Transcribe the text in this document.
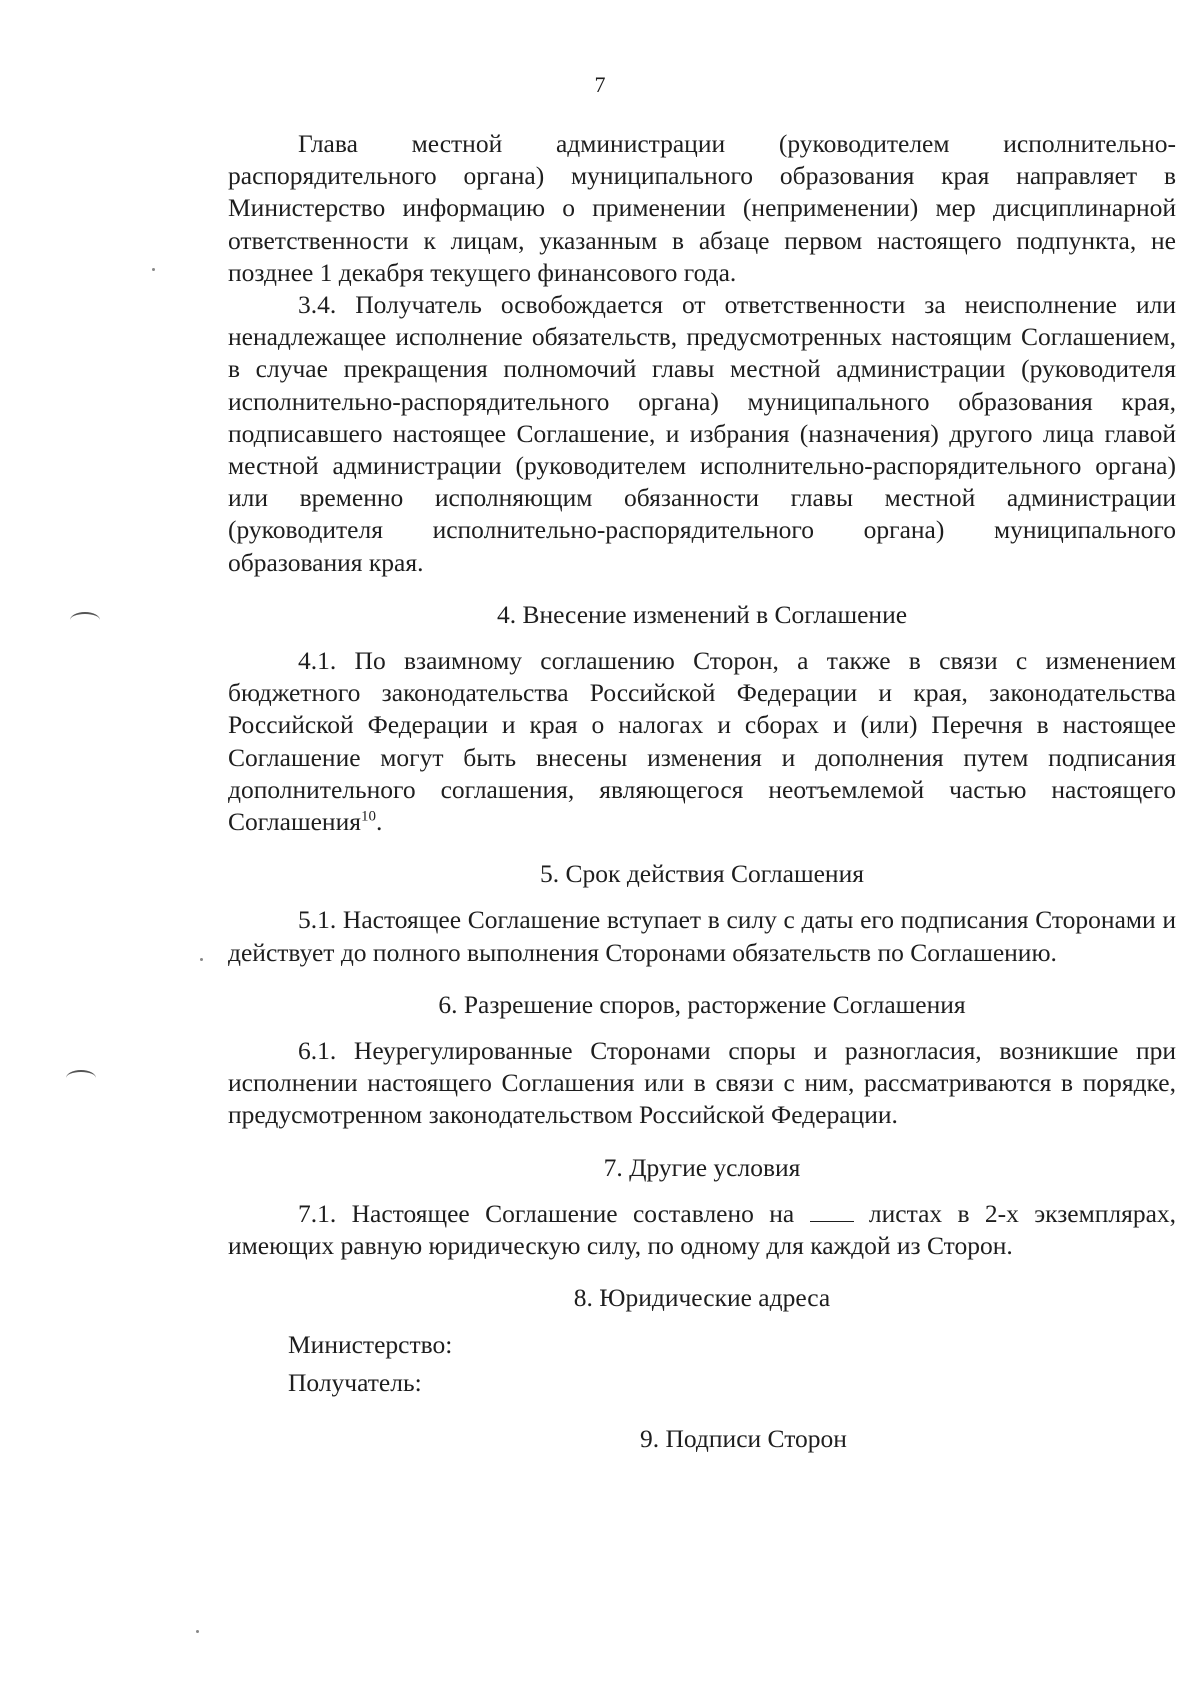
7

Глава местной администрации (руководителем исполнительно-распорядительного органа) муниципального образования края направляет в Министерство информацию о применении (неприменении) мер дисциплинарной ответственности к лицам, указанным в абзаце первом настоящего подпункта, не позднее 1 декабря текущего финансового года.

3.4. Получатель освобождается от ответственности за неисполнение или ненадлежащее исполнение обязательств, предусмотренных настоящим Соглашением, в случае прекращения полномочий главы местной администрации (руководителя исполнительно-распорядительного органа) муниципального образования края, подписавшего настоящее Соглашение, и избрания (назначения) другого лица главой местной администрации (руководителем исполнительно-распорядительного органа) или временно исполняющим обязанности главы местной администрации (руководителя исполнительно-распорядительного органа) муниципального образования края.

4. Внесение изменений в Соглашение

4.1. По взаимному соглашению Сторон, а также в связи с изменением бюджетного законодательства Российской Федерации и края, законодательства Российской Федерации и края о налогах и сборах и (или) Перечня в настоящее Соглашение могут быть внесены изменения и дополнения путем подписания дополнительного соглашения, являющегося неотъемлемой частью настоящего Соглашения$^{10}$.

5. Срок действия Соглашения

5.1. Настоящее Соглашение вступает в силу с даты его подписания Сторонами и действует до полного выполнения Сторонами обязательств по Соглашению.

6. Разрешение споров, расторжение Соглашения

6.1. Неурегулированные Сторонами споры и разногласия, возникшие при исполнении настоящего Соглашения или в связи с ним, рассматриваются в порядке, предусмотренном законодательством Российской Федерации.

7. Другие условия

7.1. Настоящее Соглашение составлено на	листах в 2-х экземплярах, имеющих равную юридическую силу, по одному для каждой из Сторон.

8. Юридические адреса

Министерство:

Получатель:

9. Подписи Сторон
